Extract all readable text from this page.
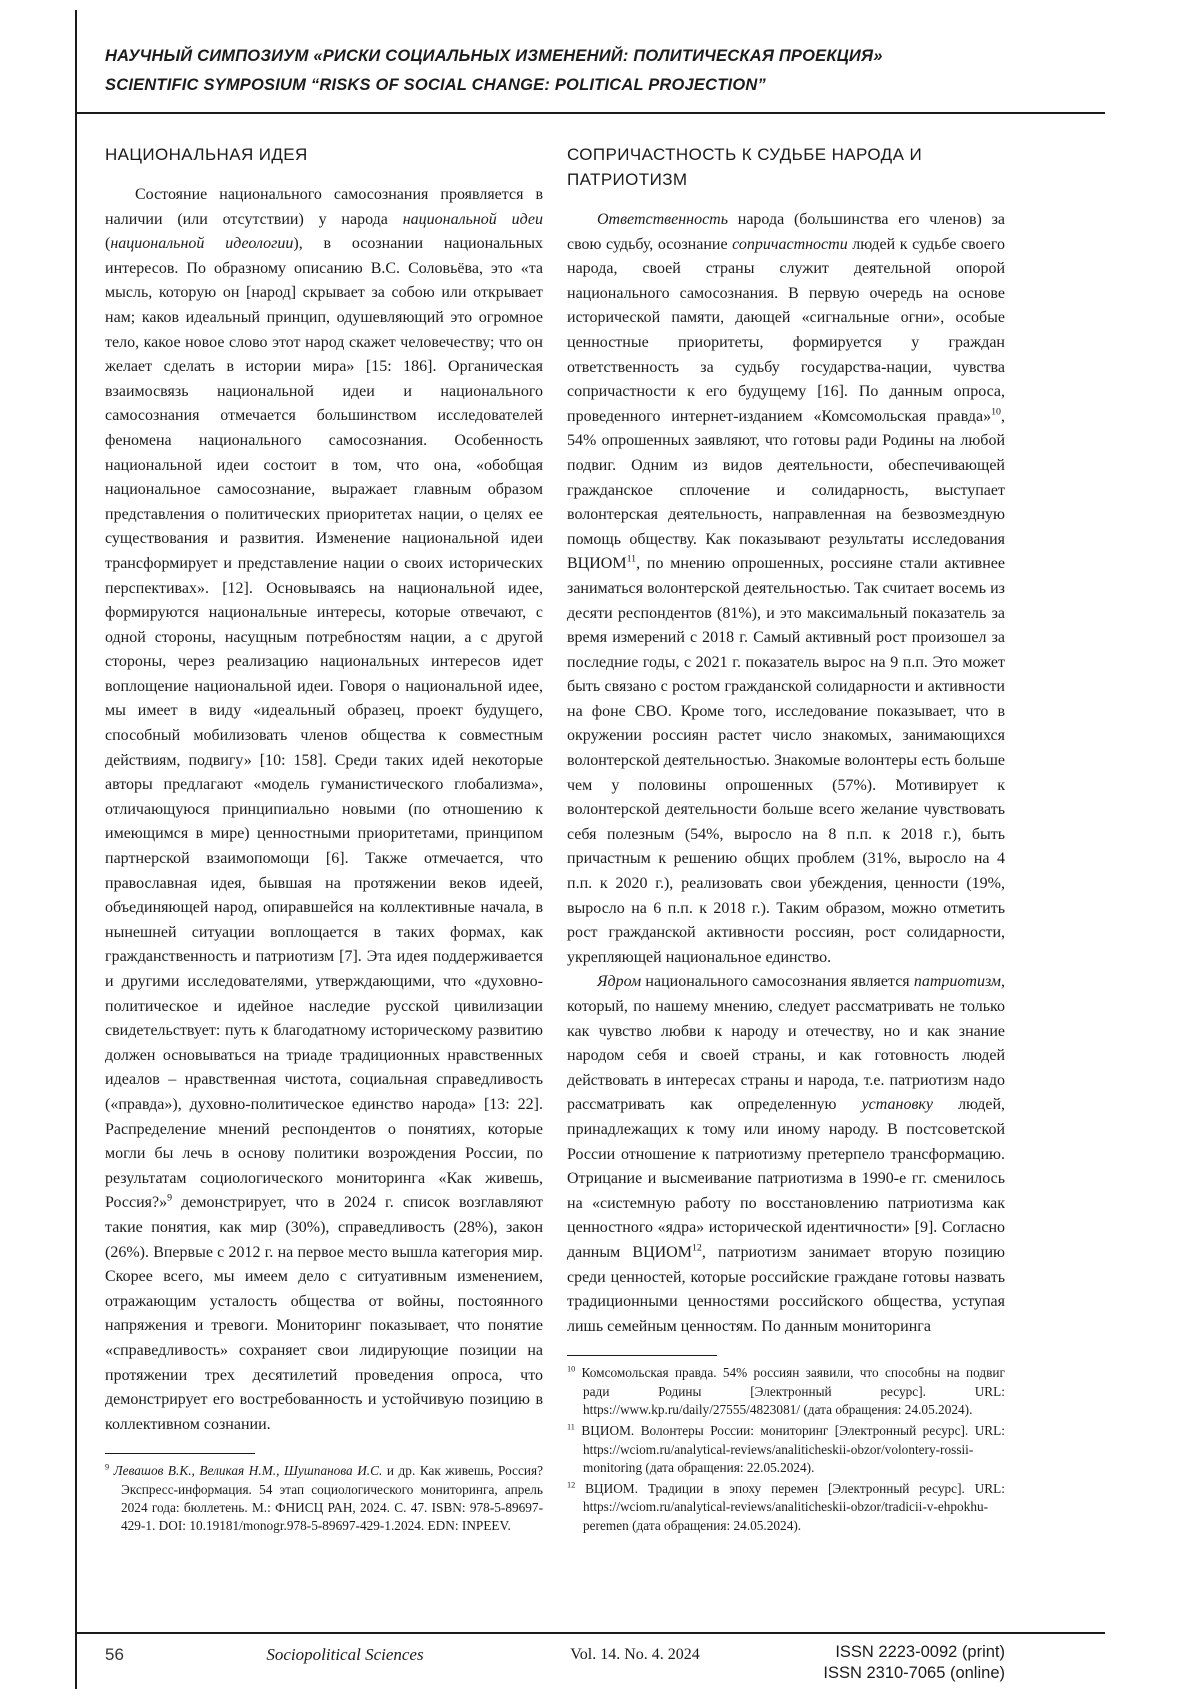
НАУЧНЫЙ СИМПОЗИУМ «РИСКИ СОЦИАЛЬНЫХ ИЗМЕНЕНИЙ: ПОЛИТИЧЕСКАЯ ПРОЕКЦИЯ»
SCIENTIFIC SYMPOSIUM “RISKS OF SOCIAL CHANGE: POLITICAL PROJECTION”
НАЦИОНАЛЬНАЯ ИДЕЯ

Состояние национального самосознания проявляется в наличии (или отсутствии) у народа национальной идеи (национальной идеологии), в осознании национальных интересов. По образному описанию В.С. Соловьёва, это «та мысль, которую он [народ] скрывает за собою или открывает нам; каков идеальный принцип, одушевляющий это огромное тело, какое новое слово этот народ скажет человечеству; что он желает сделать в истории мира» [15: 186]. Органическая взаимосвязь национальной идеи и национального самосознания отмечается большинством исследователей феномена национального самосознания. Особенность национальной идеи состоит в том, что она, «обобщая национальное самосознание, выражает главным образом представления о политических приоритетах нации, о целях ее существования и развития. Изменение национальной идеи трансформирует и представление нации о своих исторических перспективах». [12]. Основываясь на национальной идее, формируются национальные интересы, которые отвечают, с одной стороны, насущным потребностям нации, а с другой стороны, через реализацию национальных интересов идет воплощение национальной идеи. Говоря о национальной идее, мы имеет в виду «идеальный образец, проект будущего, способный мобилизовать членов общества к совместным действиям, подвигу» [10: 158]. Среди таких идей некоторые авторы предлагают «модель гуманистического глобализма», отличающуюся принципиально новыми (по отношению к имеющимся в мире) ценностными приоритетами, принципом партнерской взаимопомощи [6]. Также отмечается, что православная идея, бывшая на протяжении веков идеей, объединяющей народ, опиравшейся на коллективные начала, в нынешней ситуации воплощается в таких формах, как гражданственность и патриотизм [7]. Эта идея поддерживается и другими исследователями, утверждающими, что «духовно-политическое и идейное наследие русской цивилизации свидетельствует: путь к благодатному историческому развитию должен основываться на триаде традиционных нравственных идеалов – нравственная чистота, социальная справедливость («правда»), духовно-политическое единство народа» [13: 22]. Распределение мнений респондентов о понятиях, которые могли бы лечь в основу политики возрождения России, по результатам социологического мониторинга «Как живешь, Россия?»$^9$ демонстрирует, что в 2024 г. список возглавляют такие понятия, как мир (30%), справедливость (28%), закон (26%). Впервые с 2012 г. на первое место вышла категория мир. Скорее всего, мы имеем дело с ситуативным изменением, отражающим усталость общества от войны, постоянного напряжения и тревоги. Мониторинг показывает, что понятие «справедливость» сохраняет свои лидирующие позиции на протяжении трех десятилетий проведения опроса, что демонстрирует его востребованность и устойчивую позицию в коллективном сознании.

$^9$ Левашов В.К., Великая Н.М., Шушпанова И.С. и др. Как живешь, Россия? Экспресс-информация. 54 этап социологического мониторинга, апрель 2024 года: бюллетень. М.: ФНИСЦ РАН, 2024. С. 47. ISBN: 978-5-89697-429-1. DOI: 10.19181/monogr.978-5-89697-429-1.2024. EDN: INPEEV.

СОПРИЧАСТНОСТЬ К СУДЬБЕ НАРОДА И ПАТРИОТИЗМ

Ответственность народа (большинства его членов) за свою судьбу, осознание сопричастности людей к судьбе своего народа, своей страны служит деятельной опорой национального самосознания. В первую очередь на основе исторической памяти, дающей «сигнальные огни», особые ценностные приоритеты, формируется у граждан ответственность за судьбу государства-нации, чувства сопричастности к его будущему [16]. По данным опроса, проведенного интернет-изданием «Комсомольская правда»$^{10}$, 54% опрошенных заявляют, что готовы ради Родины на любой подвиг. Одним из видов деятельности, обеспечивающей гражданское сплочение и солидарность, выступает волонтерская деятельность, направленная на безвозмездную помощь обществу. Как показывают результаты исследования ВЦИОМ$^{11}$, по мнению опрошенных, россияне стали активнее заниматься волонтерской деятельностью. Так считает восемь из десяти респондентов (81%), и это максимальный показатель за время измерений с 2018 г. Самый активный рост произошел за последние годы, с 2021 г. показатель вырос на 9 п.п. Это может быть связано с ростом гражданской солидарности и активности на фоне СВО. Кроме того, исследование показывает, что в окружении россиян растет число знакомых, занимающихся волонтерской деятельностью. Знакомые волонтеры есть больше чем у половины опрошенных (57%). Мотивирует к волонтерской деятельности больше всего желание чувствовать себя полезным (54%, выросло на 8 п.п. к 2018 г.), быть причастным к решению общих проблем (31%, выросло на 4 п.п. к 2020 г.), реализовать свои убеждения, ценности (19%, выросло на 6 п.п. к 2018 г.). Таким образом, можно отметить рост гражданской активности россиян, рост солидарности, укрепляющей национальное единство.

Ядром национального самосознания является патриотизм, который, по нашему мнению, следует рассматривать не только как чувство любви к народу и отечеству, но и как знание народом себя и своей страны, и как готовность людей действовать в интересах страны и народа, т.е. патриотизм надо рассматривать как определенную установку людей, принадлежащих к тому или иному народу. В постсоветской России отношение к патриотизму претерпело трансформацию. Отрицание и высмеивание патриотизма в 1990-е гг. сменилось на «системную работу по восстановлению патриотизма как ценностного «ядра» исторической идентичности» [9]. Согласно данным ВЦИОМ$^{12}$, патриотизм занимает вторую позицию среди ценностей, которые российские граждане готовы назвать традиционными ценностями российского общества, уступая лишь семейным ценностям. По данным мониторинга

$^{10}$ Комсомольская правда. 54% россиян заявили, что способны на подвиг ради Родины [Электронный ресурс]. URL: https://www.kp.ru/daily/27555/4823081/ (дата обращения: 24.05.2024).

$^{11}$ ВЦИОМ. Волонтеры России: мониторинг [Электронный ресурс]. URL: https://wciom.ru/analytical-reviews/analiticheskii-obzor/volontery-rossii-monitoring (дата обращения: 22.05.2024).

$^{12}$ ВЦИОМ. Традиции в эпоху перемен [Электронный ресурс]. URL: https://wciom.ru/analytical-reviews/analiticheskii-obzor/tradicii-v-ehpokhu-peremen (дата обращения: 24.05.2024).

56	Sociopolitical Sciences	Vol. 14. No. 4. 2024	ISSN 2223-0092 (print)
ISSN 2310-7065 (online)
